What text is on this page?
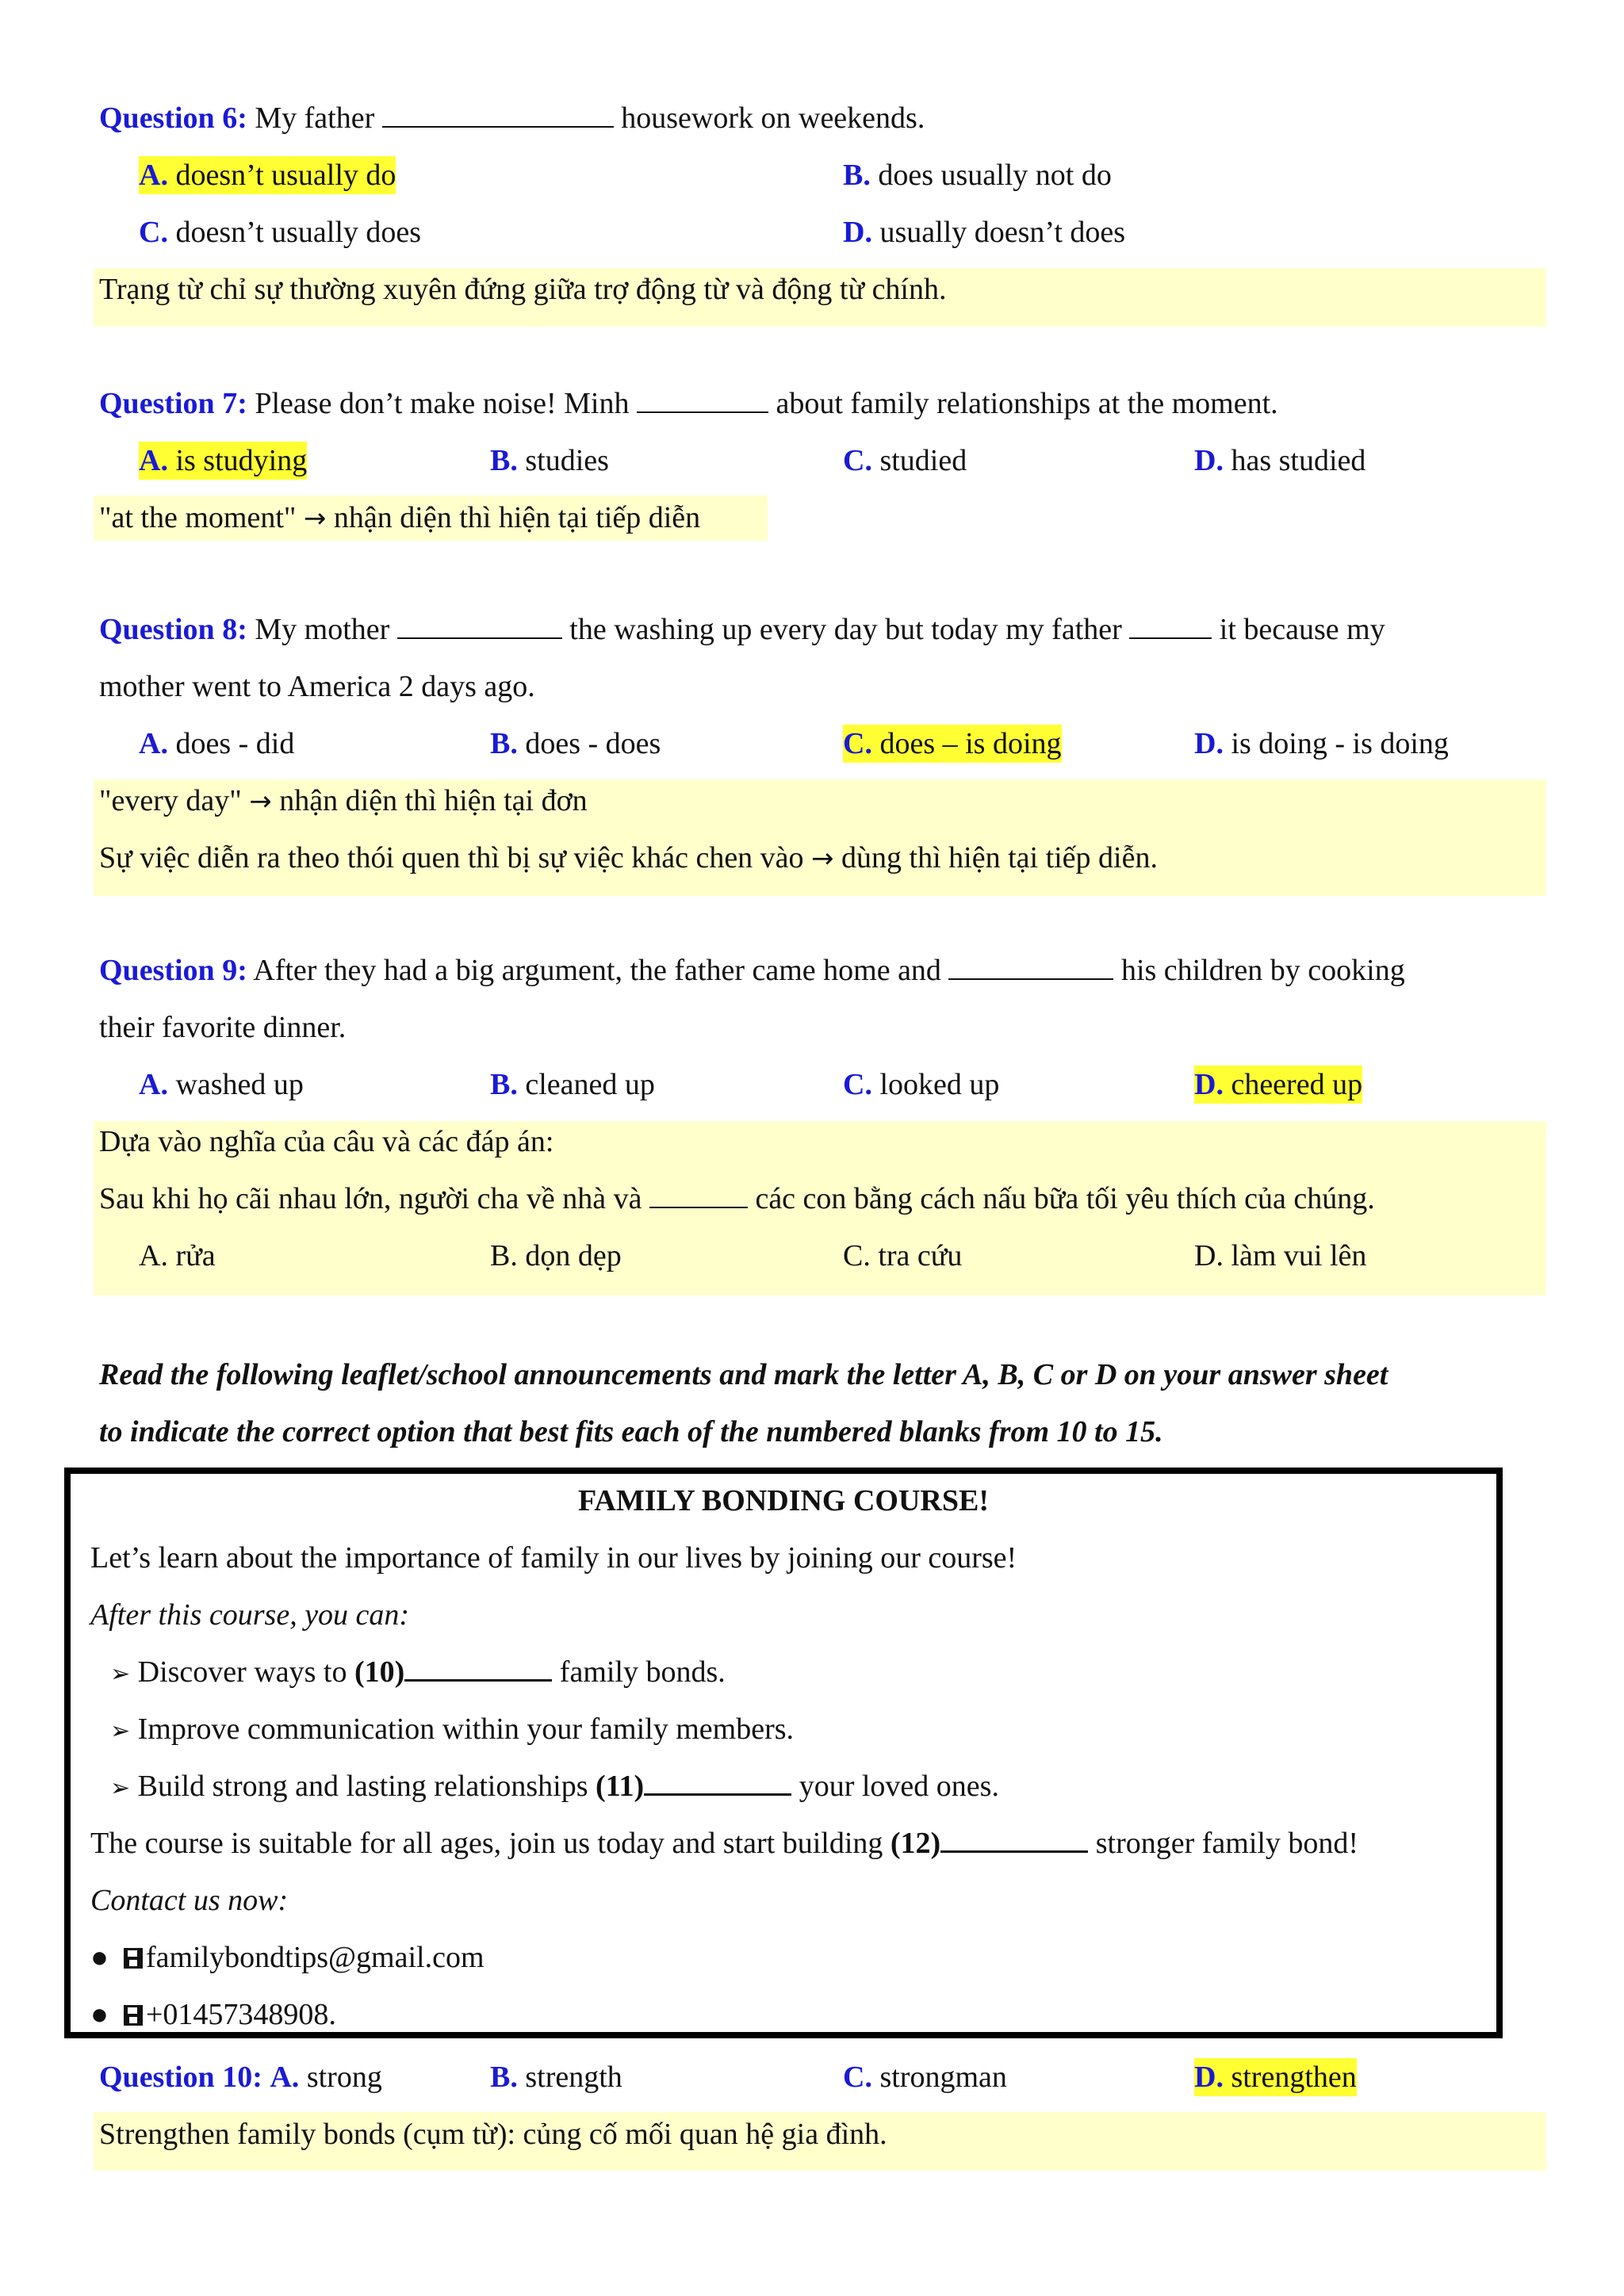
Question 6: My father	housework on weekends.
A. doesn’t usually do	B. does usually not do
C. doesn’t usually does	D. usually doesn’t does
Trạng từ chỉ sự thường xuyên đứng giữa trợ động từ và động từ chính.
Question 7: Please don’t make noise! Minh	about family relationships at the moment.
A. is studying	B. studies	C. studied	D. has studied
"at the moment" → nhận diện thì hiện tại tiếp diễn
Question 8: My mother	the washing up every day but today my father	it because my
mother went to America 2 days ago.
A. does - did	B. does - does	C. does – is doing	D. is doing - is doing
"every day" → nhận diện thì hiện tại đơn
Sự việc diễn ra theo thói quen thì bị sự việc khác chen vào → dùng thì hiện tại tiếp diễn.
Question 9: After they had a big argument, the father came home and	his children by cooking
their favorite dinner.
A. washed up	B. cleaned up	C. looked up	D. cheered up
Dựa vào nghĩa của câu và các đáp án:
Sau khi họ cãi nhau lớn, người cha về nhà và	các con bằng cách nấu bữa tối yêu thích của chúng.
A. rửa	B. dọn dẹp	C. tra cứu	D. làm vui lên
Read the following leaflet/school announcements and mark the letter A, B, C or D on your answer sheet
to indicate the correct option that best fits each of the numbered blanks from 10 to 15.
FAMILY BONDING COURSE!
Let’s learn about the importance of family in our lives by joining our course!
After this course, you can:
➢ Discover ways to (10)	family bonds.
➢ Improve communication within your family members.
➢ Build strong and lasting relationships (11)	your loved ones.
The course is suitable for all ages, join us today and start building (12)	stronger family bond!
Contact us now:
● familybondtips@gmail.com
● +01457348908.
Question 10: A. strong	B. strength	C. strongman	D. strengthen
Strengthen family bonds (cụm từ): củng cố mối quan hệ gia đình.
